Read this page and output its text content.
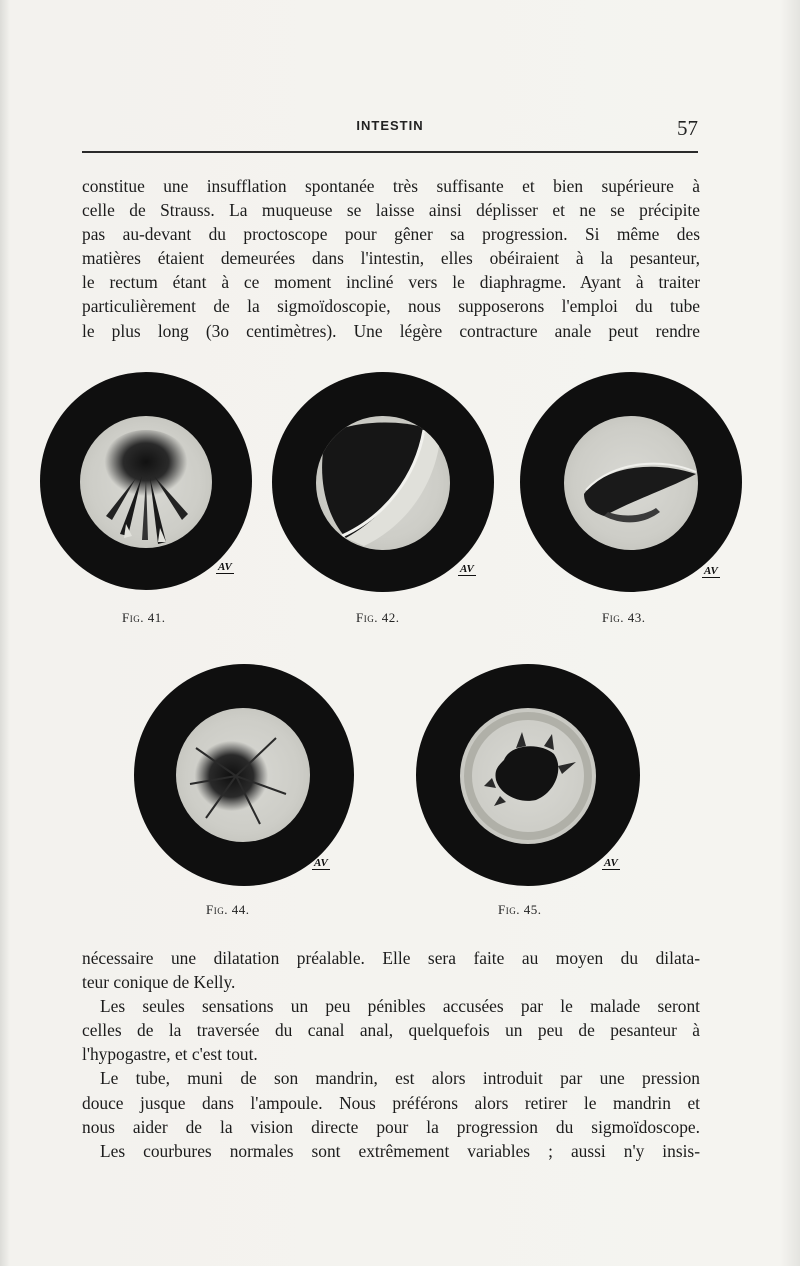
INTESTIN	57
constitue une insufflation spontanée très suffisante et bien supérieure à
celle de Strauss. La muqueuse se laisse ainsi déplisser et ne se précipite
pas au-devant du proctoscope pour gêner sa progression. Si même des
matières étaient demeurées dans l'intestin, elles obéiraient à la pesanteur,
le rectum étant à ce moment incliné vers le diaphragme. Ayant à traiter
particulièrement de la sigmoïdoscopie, nous supposerons l'emploi du tube
le plus long (3o centimètres). Une légère contracture anale peut rendre
AV	AV	AV
Fig. 41.	Fig. 42.	Fig. 43.
AV	AV
Fig. 44.	Fig. 45.
nécessaire une dilatation préalable. Elle sera faite au moyen du dilata-
teur conique de Kelly.
Les seules sensations un peu pénibles accusées par le malade seront
celles de la traversée du canal anal, quelquefois un peu de pesanteur à
l'hypogastre, et c'est tout.
Le tube, muni de son mandrin, est alors introduit par une pression
douce jusque dans l'ampoule. Nous préférons alors retirer le mandrin et
nous aider de la vision directe pour la progression du sigmoïdoscope.
Les courbures normales sont extrêmement variables ; aussi n'y insis-
